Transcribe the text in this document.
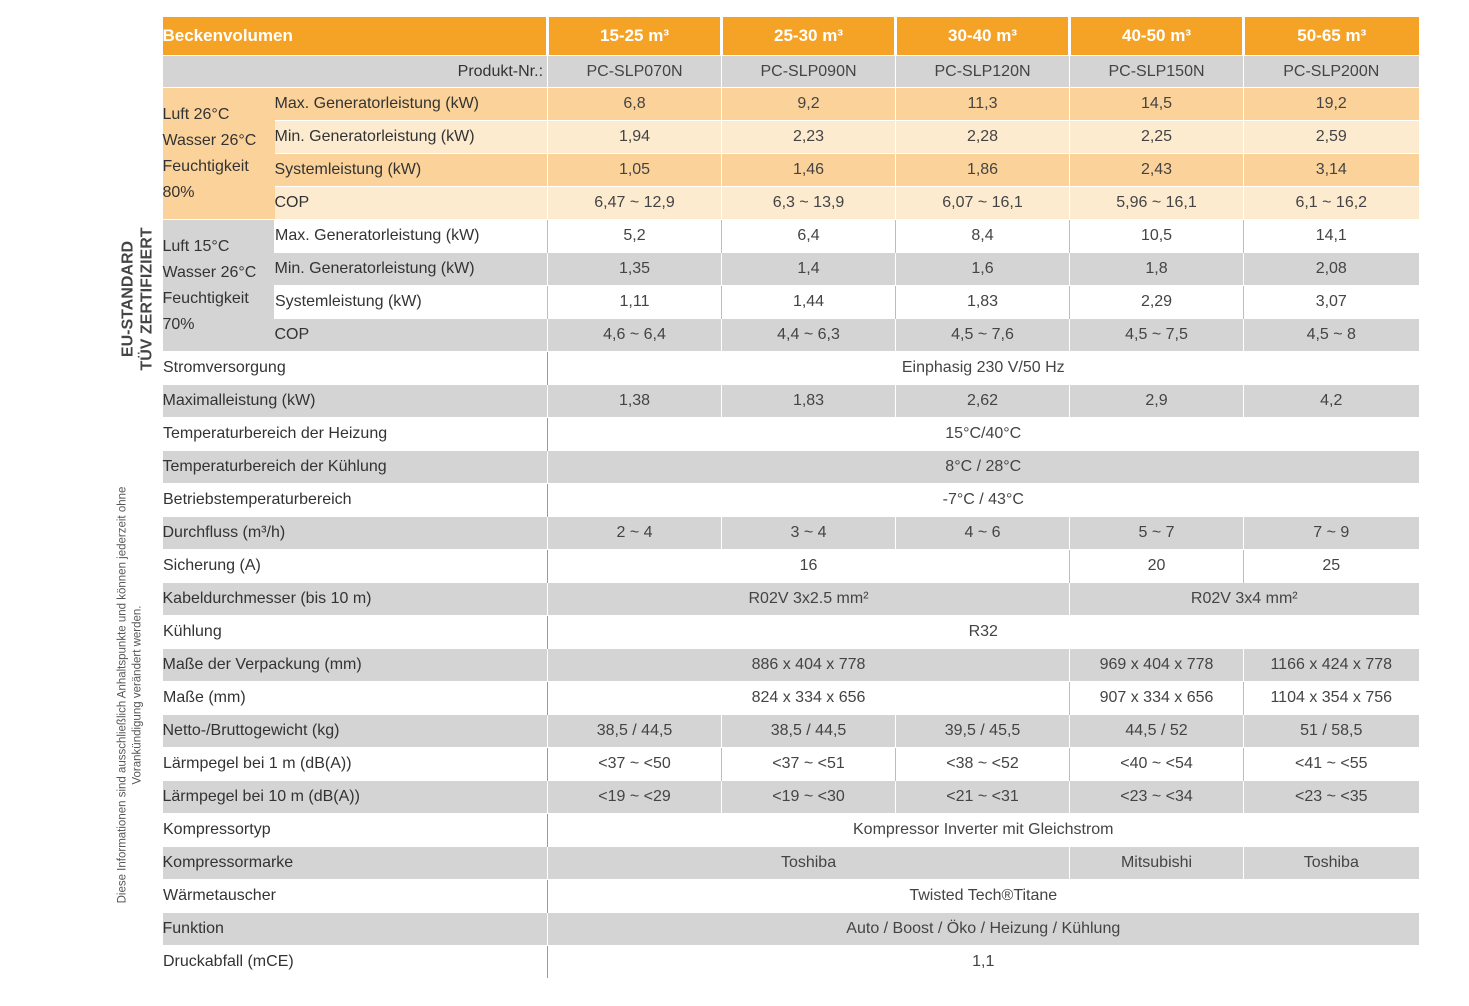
EU-STANDARD TÜV ZERTIFIZIERT
Diese Informationen sind ausschließlich Anhaltspunkte und können jederzeit ohne Vorankündigung verändert werden.
Beckenvolumen		15-25 m³	25-30 m³	30-40 m³	40-50 m³	50-65 m³
Produkt-Nr.:		PC-SLP070N	PC-SLP090N	PC-SLP120N	PC-SLP150N	PC-SLP200N

Luft 26°C
Wasser 26°C
Feuchtigkeit
80%	Max. Generatorleistung (kW)	6,8	9,2	11,3	14,5	19,2
	Min. Generatorleistung (kW)	1,94	2,23	2,28	2,25	2,59
	Systemleistung (kW)	1,05	1,46	1,86	2,43	3,14
	COP	6,47 ~ 12,9	6,3 ~ 13,9	6,07 ~ 16,1	5,96 ~ 16,1	6,1 ~ 16,2

Luft 15°C
Wasser 26°C
Feuchtigkeit
70%	Max. Generatorleistung (kW)	5,2	6,4	8,4	10,5	14,1
	Min. Generatorleistung (kW)	1,35	1,4	1,6	1,8	2,08
	Systemleistung (kW)	1,11	1,44	1,83	2,29	3,07
	COP	4,6 ~ 6,4	4,4 ~ 6,3	4,5 ~ 7,6	4,5 ~ 7,5	4,5 ~ 8
Stromversorgung		Einphasig 230 V/50 Hz				
Maximalleistung (kW)		1,38	1,83	2,62	2,9	4,2
Temperaturbereich der Heizung		15°C/40°C				
Temperaturbereich der Kühlung		8°C / 28°C				
Betriebstemperaturbereich		-7°C / 43°C				
Durchfluss (m³/h)		2 ~ 4	3 ~ 4	4 ~ 6	5 ~ 7	7 ~ 9
Sicherung (A)		16			20	25
Kabeldurchmesser (bis 10 m)		R02V 3x2.5 mm²			R02V 3x4 mm²	
Kühlung		R32				
Maße der Verpackung (mm)		886 x 404 x 778			969 x 404 x 778	1166 x 424 x 778
Maße (mm)		824 x 334 x 656			907 x 334 x 656	1104 x 354 x 756
Netto-/Bruttogewicht (kg)		38,5 / 44,5	38,5 / 44,5	39,5 / 45,5	44,5 / 52	51 / 58,5
Lärmpegel bei 1 m (dB(A))		<37 ~ <50	<37 ~ <51	<38 ~ <52	<40 ~ <54	<41 ~ <55
Lärmpegel bei 10 m (dB(A))		<19 ~ <29	<19 ~ <30	<21 ~ <31	<23 ~ <34	<23 ~ <35
Kompressortyp		Kompressor Inverter mit Gleichstrom				
Kompressormarke		Toshiba			Mitsubishi	Toshiba
Wärmetauscher		Twisted Tech®Titane				
Funktion		Auto / Boost / Öko / Heizung / Kühlung				
Druckabfall (mCE)		1,1				
